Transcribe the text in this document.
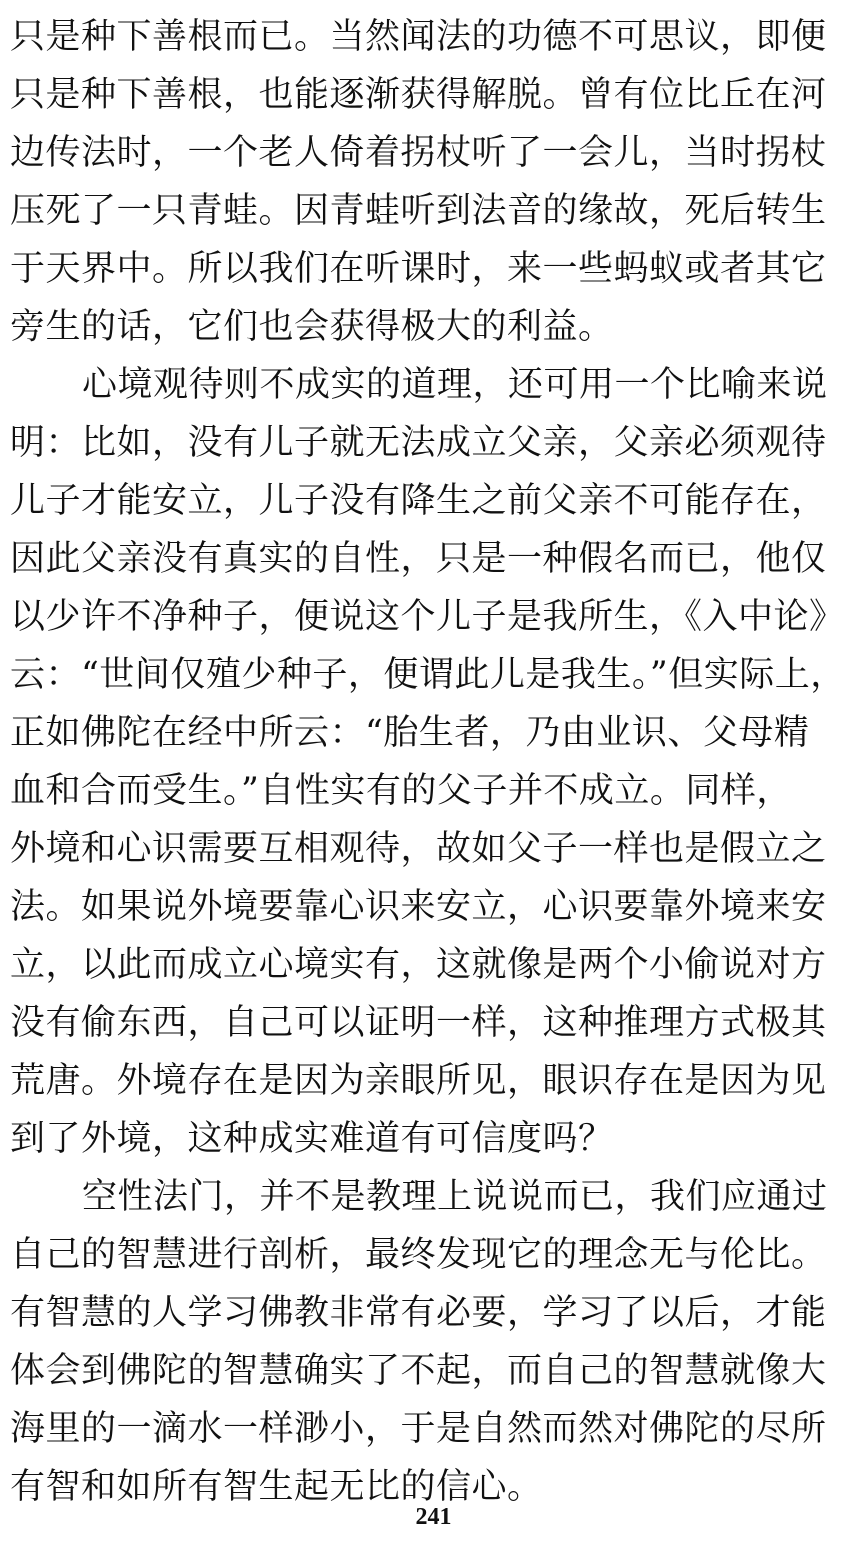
只是种下善根而已。当然闻法的功德不可思议，即便
只是种下善根，也能逐渐获得解脱。曾有位比丘在河
边传法时，一个老人倚着拐杖听了一会儿，当时拐杖
压死了一只青蛙。因青蛙听到法音的缘故，死后转生
于天界中。所以我们在听课时，来一些蚂蚁或者其它
旁生的话，它们也会获得极大的利益。
心境观待则不成实的道理，还可用一个比喻来说
明：比如，没有儿子就无法成立父亲，父亲必须观待
儿子才能安立，儿子没有降生之前父亲不可能存在，
因此父亲没有真实的自性，只是一种假名而已，他仅
以少许不净种子，便说这个儿子是我所生，《入中论》
云：“世间仅殖少种子，便谓此儿是我生。”但实际上，
正如佛陀在经中所云：“胎生者，乃由业识、父母精
血和合而受生。”自性实有的父子并不成立。同样，
外境和心识需要互相观待，故如父子一样也是假立之
法。如果说外境要靠心识来安立，心识要靠外境来安
立，以此而成立心境实有，这就像是两个小偷说对方
没有偷东西，自己可以证明一样，这种推理方式极其
荒唐。外境存在是因为亲眼所见，眼识存在是因为见
到了外境，这种成实难道有可信度吗？
空性法门，并不是教理上说说而已，我们应通过
自己的智慧进行剖析，最终发现它的理念无与伦比。
有智慧的人学习佛教非常有必要，学习了以后，才能
体会到佛陀的智慧确实了不起，而自己的智慧就像大
海里的一滴水一样渺小，于是自然而然对佛陀的尽所
有智和如所有智生起无比的信心。
241
